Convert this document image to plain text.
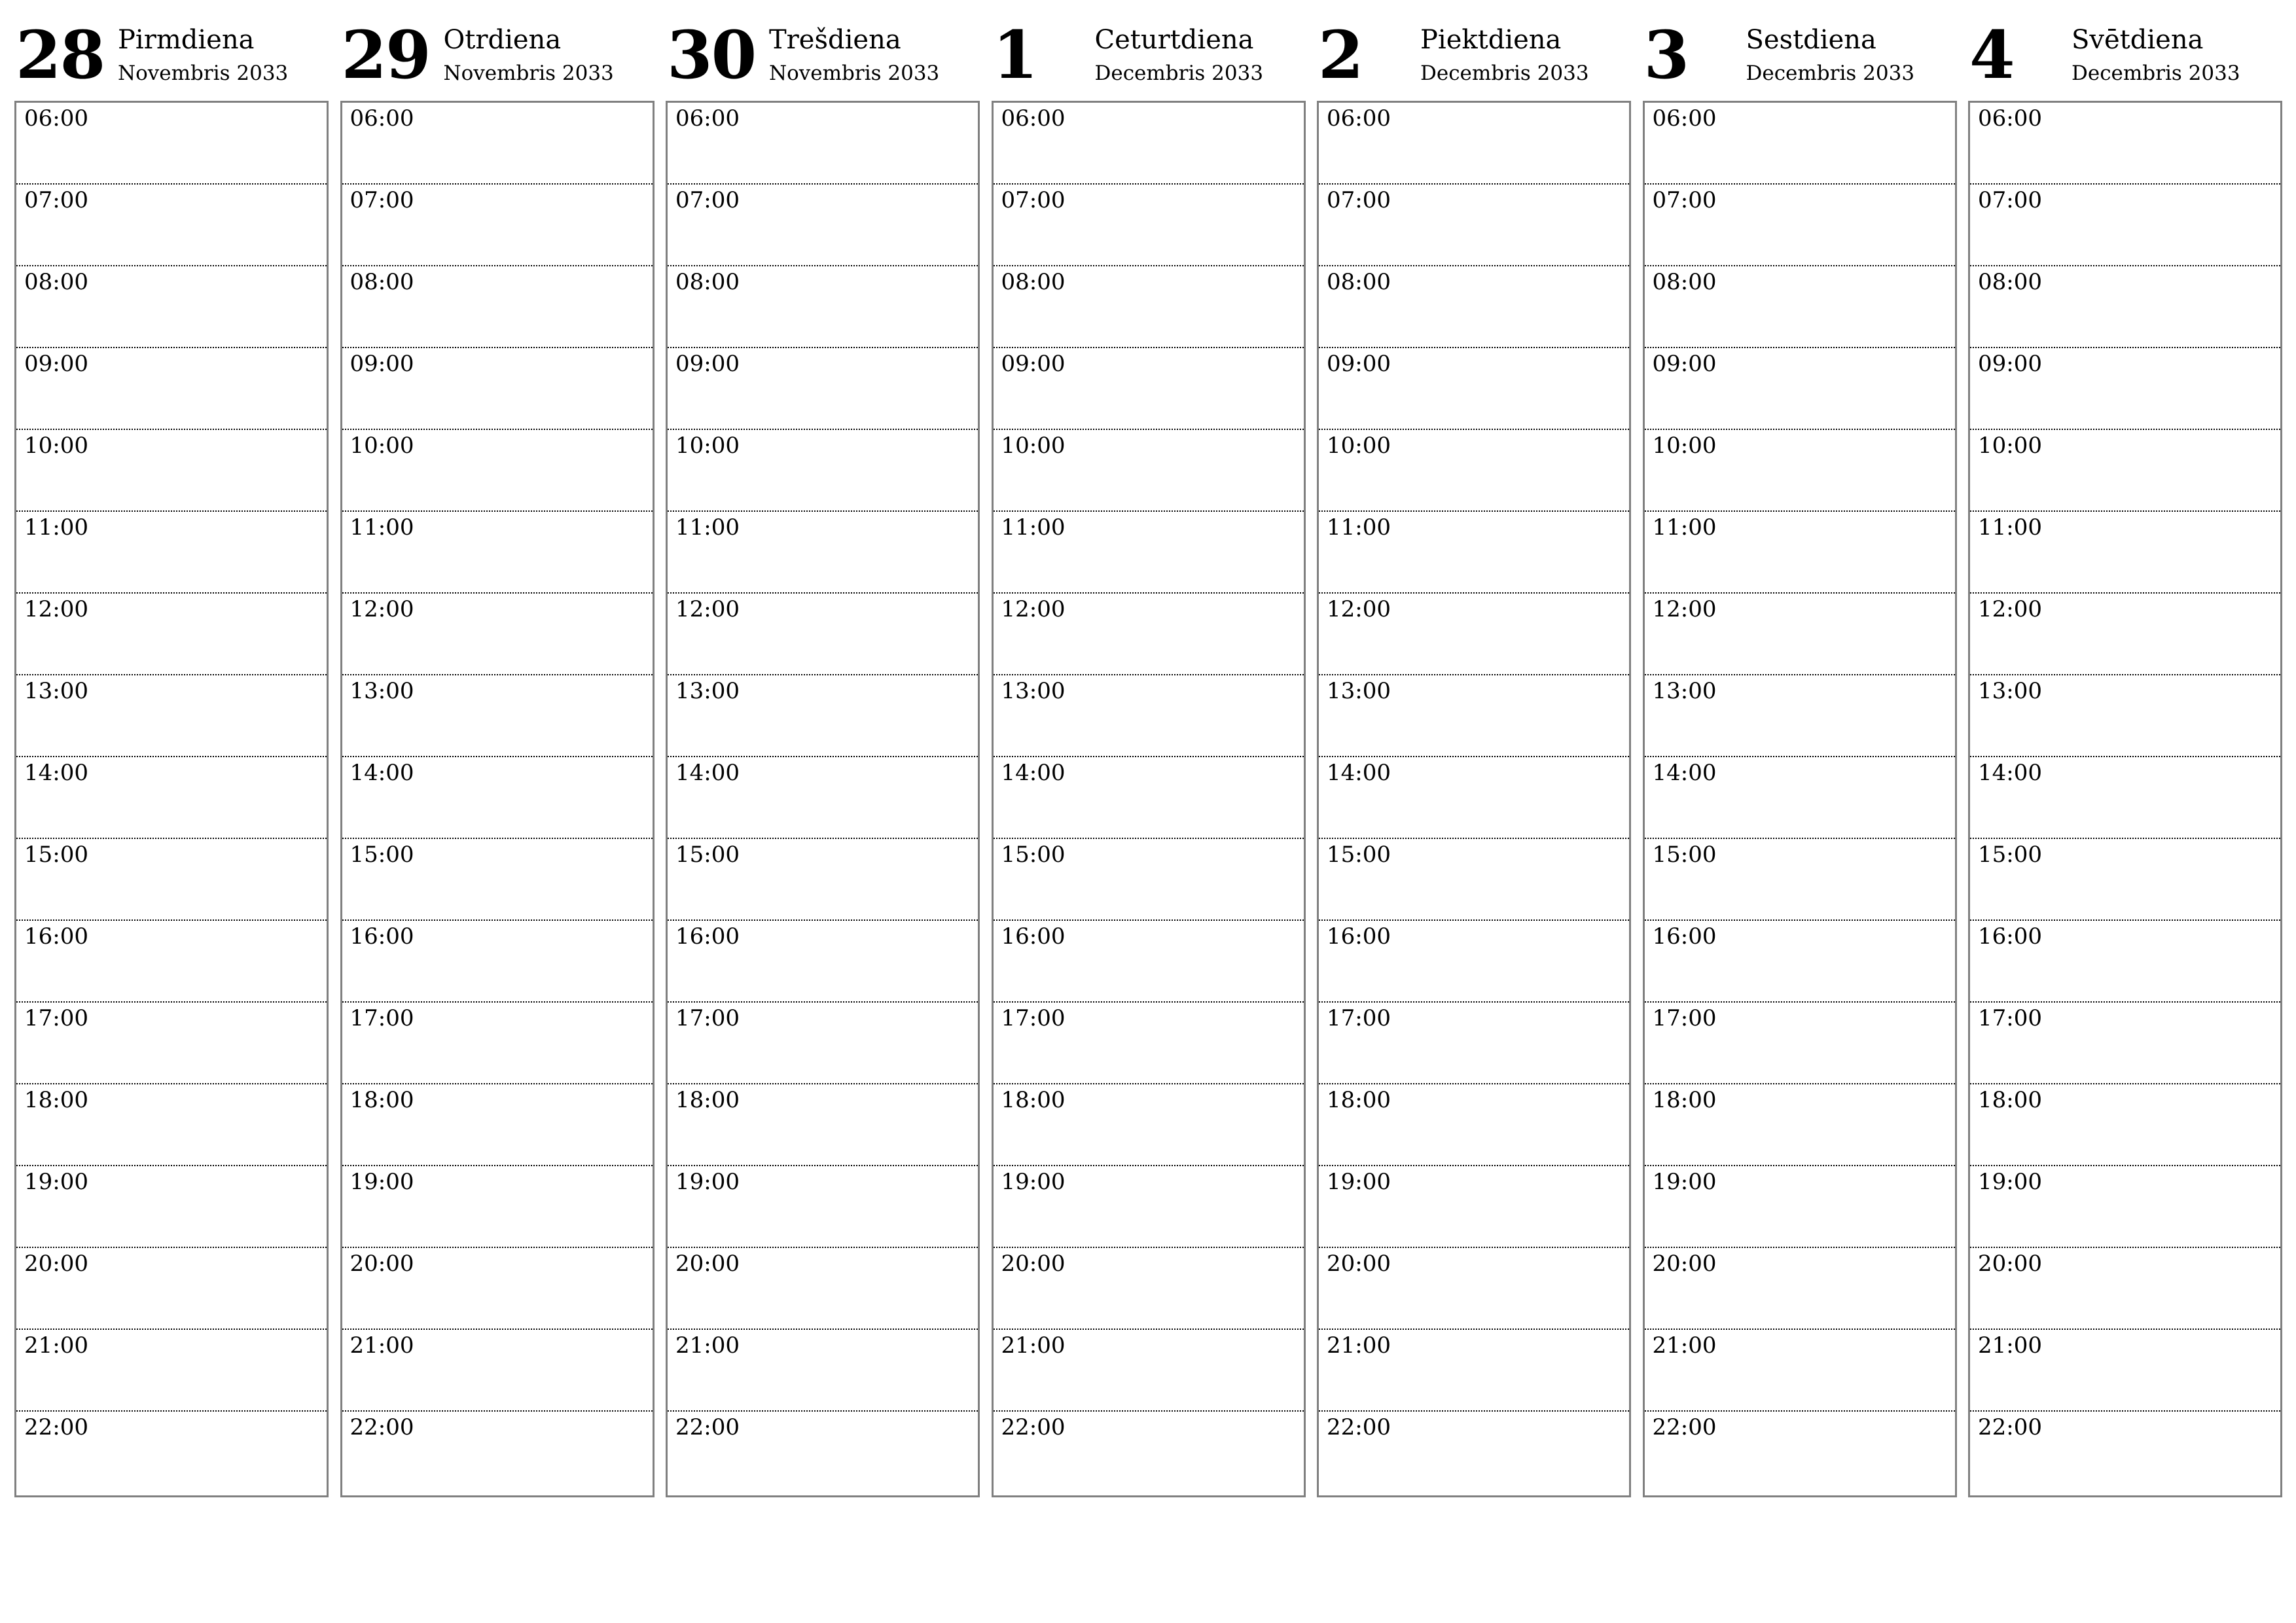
28 Pirmdiena
Novembris 2033
06:00
07:00
08:00
09:00
10:00
11:00
12:00
13:00
14:00
15:00
16:00
17:00
18:00
19:00
20:00
21:00
22:00
29 Otrdiena
Novembris 2033
06:00
07:00
08:00
09:00
10:00
11:00
12:00
13:00
14:00
15:00
16:00
17:00
18:00
19:00
20:00
21:00
22:00
30 Trešdiena
Novembris 2033
06:00
07:00
08:00
09:00
10:00
11:00
12:00
13:00
14:00
15:00
16:00
17:00
18:00
19:00
20:00
21:00
22:00
1 Ceturtdiena
Decembris 2033
06:00
07:00
08:00
09:00
10:00
11:00
12:00
13:00
14:00
15:00
16:00
17:00
18:00
19:00
20:00
21:00
22:00
2 Piektdiena
Decembris 2033
06:00
07:00
08:00
09:00
10:00
11:00
12:00
13:00
14:00
15:00
16:00
17:00
18:00
19:00
20:00
21:00
22:00
3 Sestdiena
Decembris 2033
06:00
07:00
08:00
09:00
10:00
11:00
12:00
13:00
14:00
15:00
16:00
17:00
18:00
19:00
20:00
21:00
22:00
4 Svētdiena
Decembris 2033
06:00
07:00
08:00
09:00
10:00
11:00
12:00
13:00
14:00
15:00
16:00
17:00
18:00
19:00
20:00
21:00
22:00
